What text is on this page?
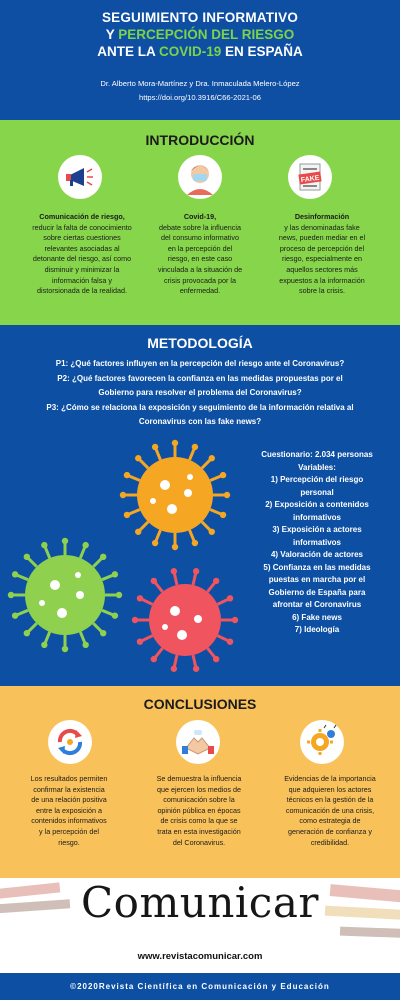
SEGUIMIENTO INFORMATIVO
Y PERCEPCIÓN DEL RIESGO
ANTE LA COVID-19 EN ESPAÑA
Dr. Alberto Mora-Martínez y Dra. Inmaculada Melero-López
https://doi.org/10.3916/C66-2021-06
INTRODUCCIÓN
FAKE
Comunicación de riesgo,
reducir la falta de conocimiento
sobre ciertas cuestiones
relevantes asociadas al
detonante del riesgo, así como
disminuir y minimizar la
información falsa y
distorsionada de la realidad.
Covid-19,
debate sobre la influencia
del consumo informativo
en la percepción del
riesgo, en este caso
vinculada a la situación de
crisis provocada por la
enfermedad.
Desinformación
y las denominadas fake
news, pueden mediar en el
proceso de percepción del
riesgo, especialmente en
aquellos sectores más
expuestos a la información
sobre la crisis.
METODOLOGÍA
P1: ¿Qué factores influyen en la percepción del riesgo ante el Coronavirus?
P2: ¿Qué factores favorecen la confianza en las medidas propuestas por el
Gobierno para resolver el problema del Coronavirus?
P3: ¿Cómo se relaciona la exposición y seguimiento de la información relativa al
Coronavirus con las fake news?
Cuestionario: 2.034 personas
Variables:
1) Percepción del riesgo
personal
2) Exposición a contenidos
informativos
3) Exposición a actores
informativos
4) Valoración de actores
5) Confianza en las medidas
puestas en marcha por el
Gobierno de España para
afrontar el Coronavirus
6) Fake news
7) Ideología
CONCLUSIONES
Los resultados permiten
confirmar la existencia
de una relación positiva
entre la exposición a
contenidos informativos
y la percepción del
riesgo.
Se demuestra la influencia
que ejercen los medios de
comunicación sobre la
opinión pública en épocas
de crisis como la que se
trata en esta investigación
del Coronavirus.
Evidencias de la importancia
que adquieren los actores
técnicos en la gestión de la
comunicación de una crisis,
como estrategia de
generación de confianza y
credibilidad.
Comunicar
www.revistacomunicar.com
©2020Revista Científica en Comunicación y Educación
